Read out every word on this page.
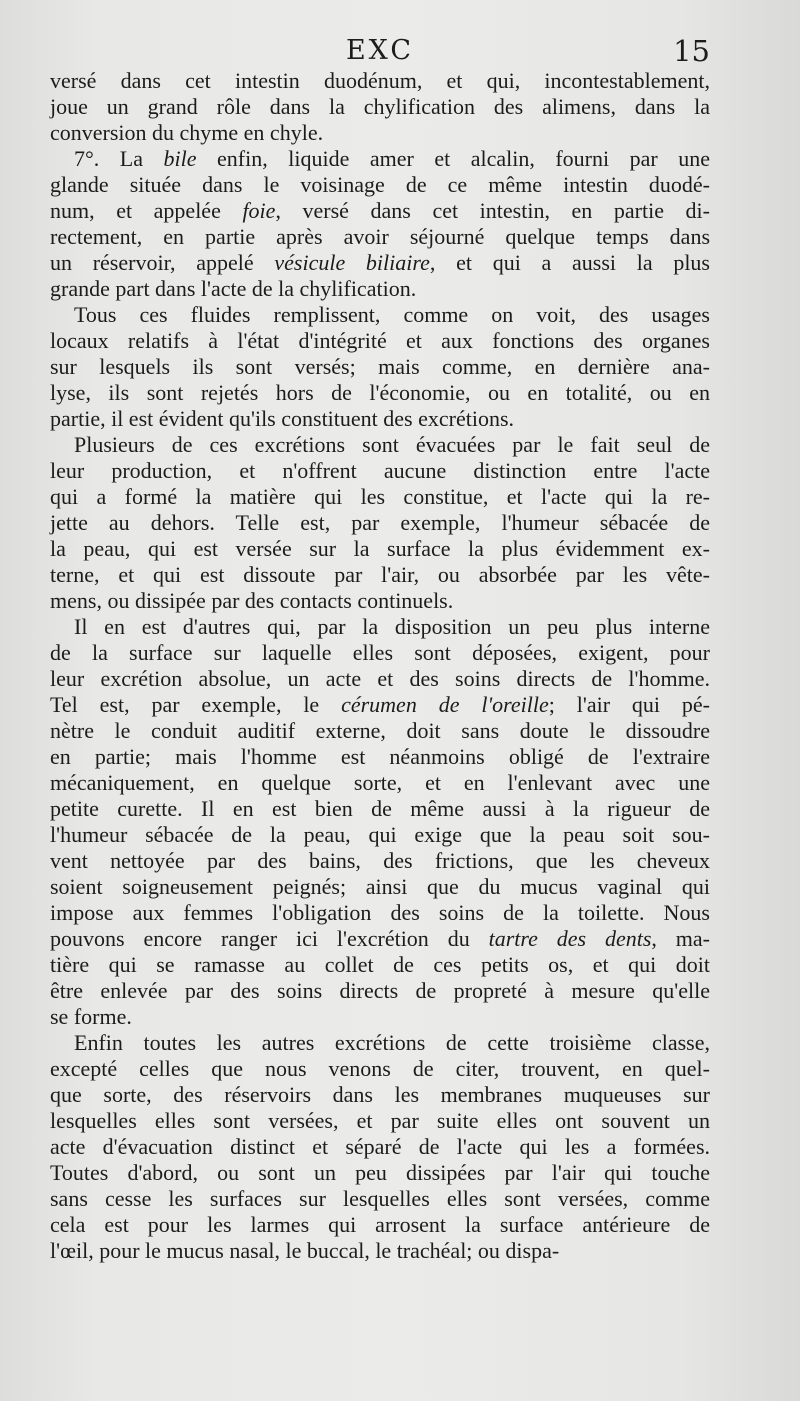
EXC	15
versé dans cet intestin duodénum, et qui, incontestablement,
joue un grand rôle dans la chylification des alimens, dans la
conversion du chyme en chyle.
7°. La bile enfin, liquide amer et alcalin, fourni par une
glande située dans le voisinage de ce même intestin duodé-
num, et appelée foie, versé dans cet intestin, en partie di-
rectement, en partie après avoir séjourné quelque temps dans
un réservoir, appelé vésicule biliaire, et qui a aussi la plus
grande part dans l'acte de la chylification.
Tous ces fluides remplissent, comme on voit, des usages
locaux relatifs à l'état d'intégrité et aux fonctions des organes
sur lesquels ils sont versés; mais comme, en dernière ana-
lyse, ils sont rejetés hors de l'économie, ou en totalité, ou en
partie, il est évident qu'ils constituent des excrétions.
Plusieurs de ces excrétions sont évacuées par le fait seul de
leur production, et n'offrent aucune distinction entre l'acte
qui a formé la matière qui les constitue, et l'acte qui la re-
jette au dehors. Telle est, par exemple, l'humeur sébacée de
la peau, qui est versée sur la surface la plus évidemment ex-
terne, et qui est dissoute par l'air, ou absorbée par les vête-
mens, ou dissipée par des contacts continuels.
Il en est d'autres qui, par la disposition un peu plus interne
de la surface sur laquelle elles sont déposées, exigent, pour
leur excrétion absolue, un acte et des soins directs de l'homme.
Tel est, par exemple, le cérumen de l'oreille; l'air qui pé-
nètre le conduit auditif externe, doit sans doute le dissoudre
en partie; mais l'homme est néanmoins obligé de l'extraire
mécaniquement, en quelque sorte, et en l'enlevant avec une
petite curette. Il en est bien de même aussi à la rigueur de
l'humeur sébacée de la peau, qui exige que la peau soit sou-
vent nettoyée par des bains, des frictions, que les cheveux
soient soigneusement peignés; ainsi que du mucus vaginal qui
impose aux femmes l'obligation des soins de la toilette. Nous
pouvons encore ranger ici l'excrétion du tartre des dents, ma-
tière qui se ramasse au collet de ces petits os, et qui doit
être enlevée par des soins directs de propreté à mesure qu'elle
se forme.
Enfin toutes les autres excrétions de cette troisième classe,
excepté celles que nous venons de citer, trouvent, en quel-
que sorte, des réservoirs dans les membranes muqueuses sur
lesquelles elles sont versées, et par suite elles ont souvent un
acte d'évacuation distinct et séparé de l'acte qui les a formées.
Toutes d'abord, ou sont un peu dissipées par l'air qui touche
sans cesse les surfaces sur lesquelles elles sont versées, comme
cela est pour les larmes qui arrosent la surface antérieure de
l'œil, pour le mucus nasal, le buccal, le trachéal; ou dispa-
